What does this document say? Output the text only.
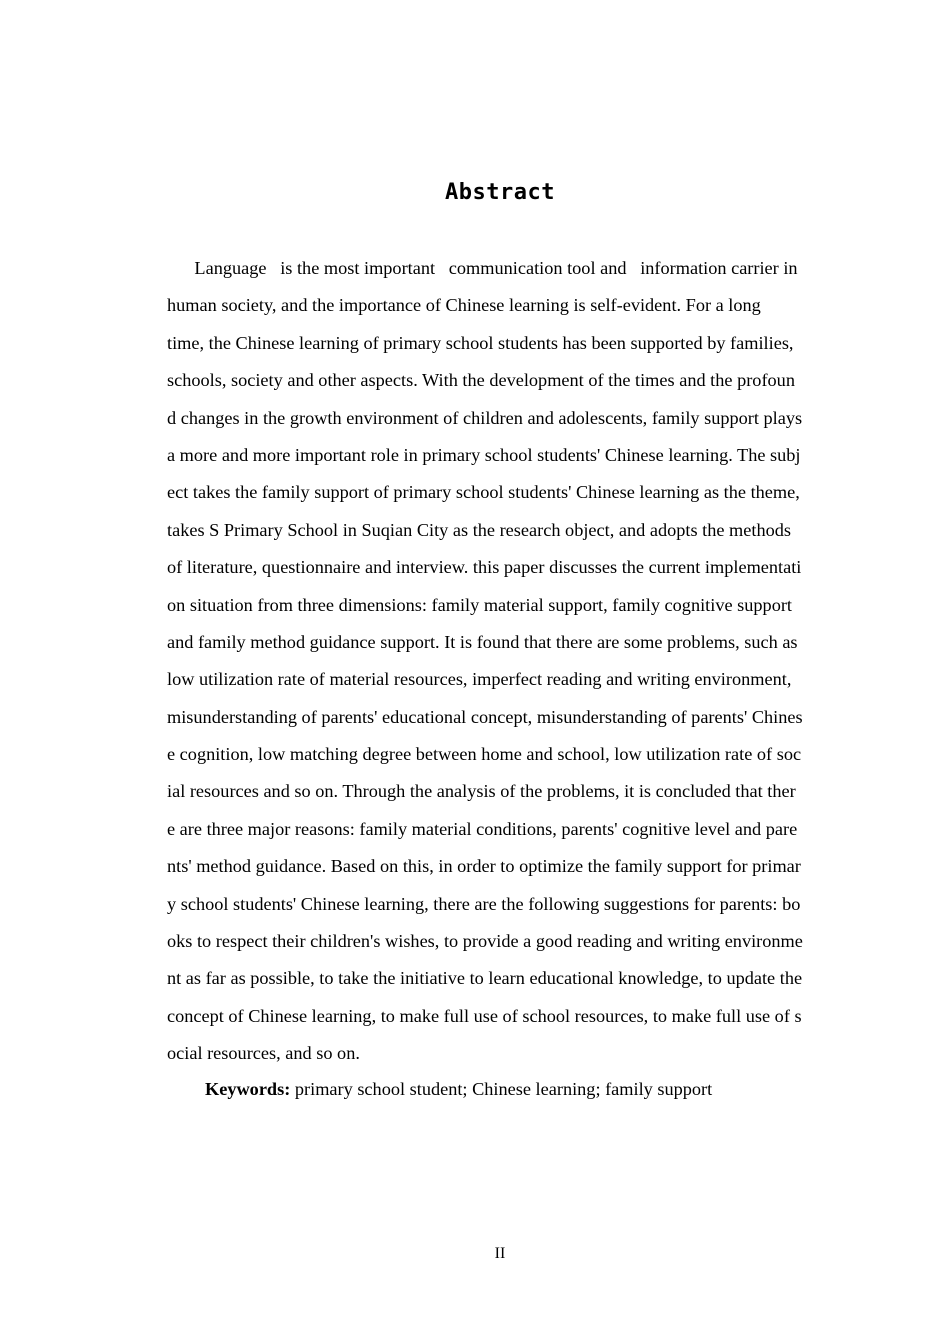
Abstract
Language   is the most important   communication tool and   information carrier in
human society, and the importance of Chinese learning is self-evident. For a long
time, the Chinese learning of primary school students has been supported by families,
schools, society and other aspects. With the development of the times and the profoun
d changes in the growth environment of children and adolescents, family support plays
a more and more important role in primary school students' Chinese learning. The subj
ect takes the family support of primary school students' Chinese learning as the theme,
takes S Primary School in Suqian City as the research object, and adopts the methods
of literature, questionnaire and interview. this paper discusses the current implementati
on situation from three dimensions: family material support, family cognitive support
and family method guidance support. It is found that there are some problems, such as
low utilization rate of material resources, imperfect reading and writing environment,
misunderstanding of parents' educational concept, misunderstanding of parents' Chines
e cognition, low matching degree between home and school, low utilization rate of soc
ial resources and so on. Through the analysis of the problems, it is concluded that ther
e are three major reasons: family material conditions, parents' cognitive level and pare
nts' method guidance. Based on this, in order to optimize the family support for primar
y school students' Chinese learning, there are the following suggestions for parents: bo
oks to respect their children's wishes, to provide a good reading and writing environme
nt as far as possible, to take the initiative to learn educational knowledge, to update the
concept of Chinese learning, to make full use of school resources, to make full use of s
ocial resources, and so on.
Keywords: primary school student; Chinese learning; family support
II
